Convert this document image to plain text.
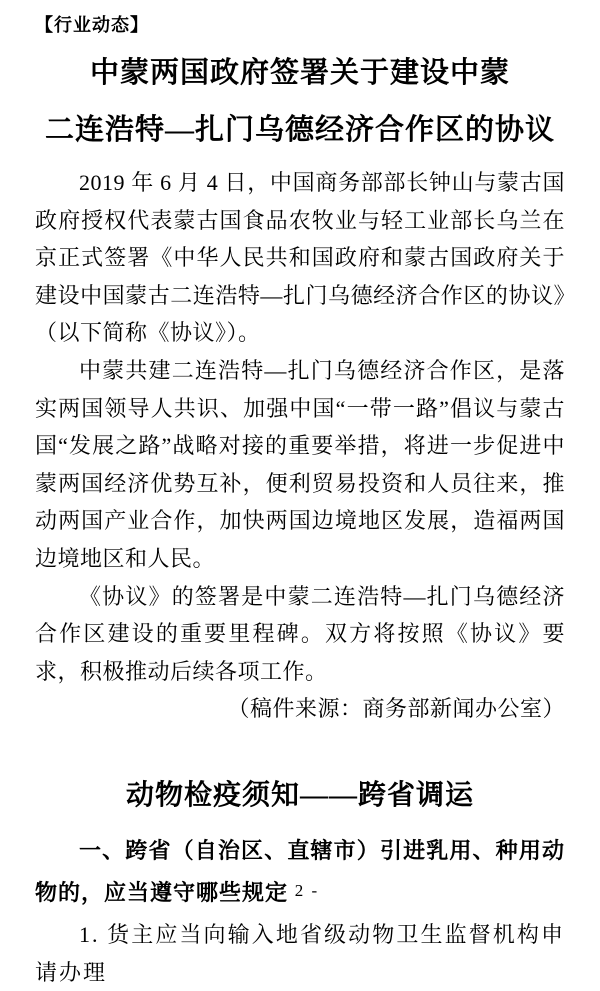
【行业动态】
中蒙两国政府签署关于建设中蒙
二连浩特—扎门乌德经济合作区的协议

2019 年 6 月 4 日，中国商务部部长钟山与蒙古国政府授权代表蒙古国食品农牧业与轻工业部长乌兰在京正式签署《中华人民共和国政府和蒙古国政府关于建设中国蒙古二连浩特—扎门乌德经济合作区的协议》（以下简称《协议》）。

中蒙共建二连浩特—扎门乌德经济合作区，是落实两国领导人共识、加强中国“一带一路”倡议与蒙古国“发展之路”战略对接的重要举措，将进一步促进中蒙两国经济优势互补，便利贸易投资和人员往来，推动两国产业合作，加快两国边境地区发展，造福两国边境地区和人民。

《协议》的签署是中蒙二连浩特—扎门乌德经济合作区建设的重要里程碑。双方将按照《协议》要求，积极推动后续各项工作。

（稿件来源：商务部新闻办公室）

动物检疫须知——跨省调运

一、跨省（自治区、直辖市）引进乳用、种用动物的，应当遵守哪些规定

1. 货主应当向输入地省级动物卫生监督机构申请办理

- 2 -
